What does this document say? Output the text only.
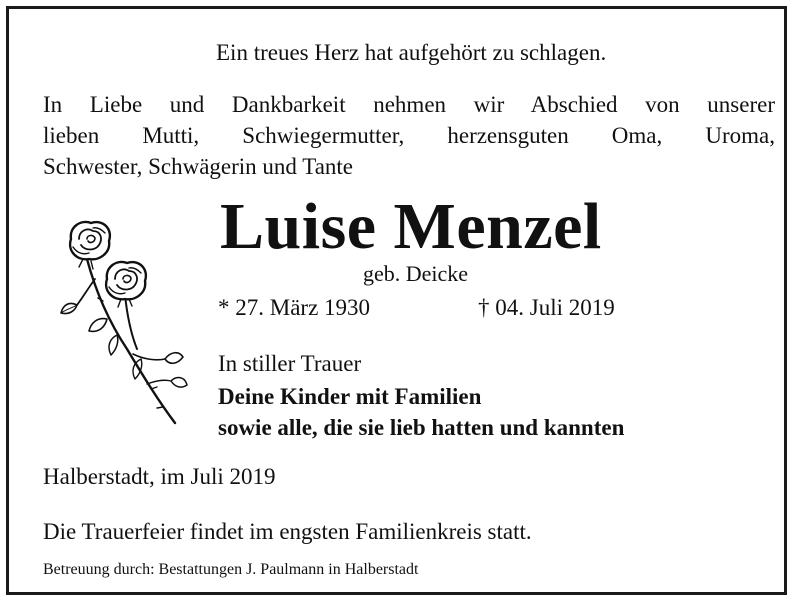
Ein treues Herz hat aufgehört zu schlagen.
In Liebe und Dankbarkeit nehmen wir Abschied von unserer
lieben Mutti, Schwiegermutter, herzensguten Oma, Uroma,
Schwester, Schwägerin und Tante
Luise Menzel
geb. Deicke
* 27. März 1930	† 04. Juli 2019
In stiller Trauer
Deine Kinder mit Familien
sowie alle, die sie lieb hatten und kannten
Halberstadt, im Juli 2019
Die Trauerfeier findet im engsten Familienkreis statt.
Betreuung durch: Bestattungen J. Paulmann in Halberstadt
